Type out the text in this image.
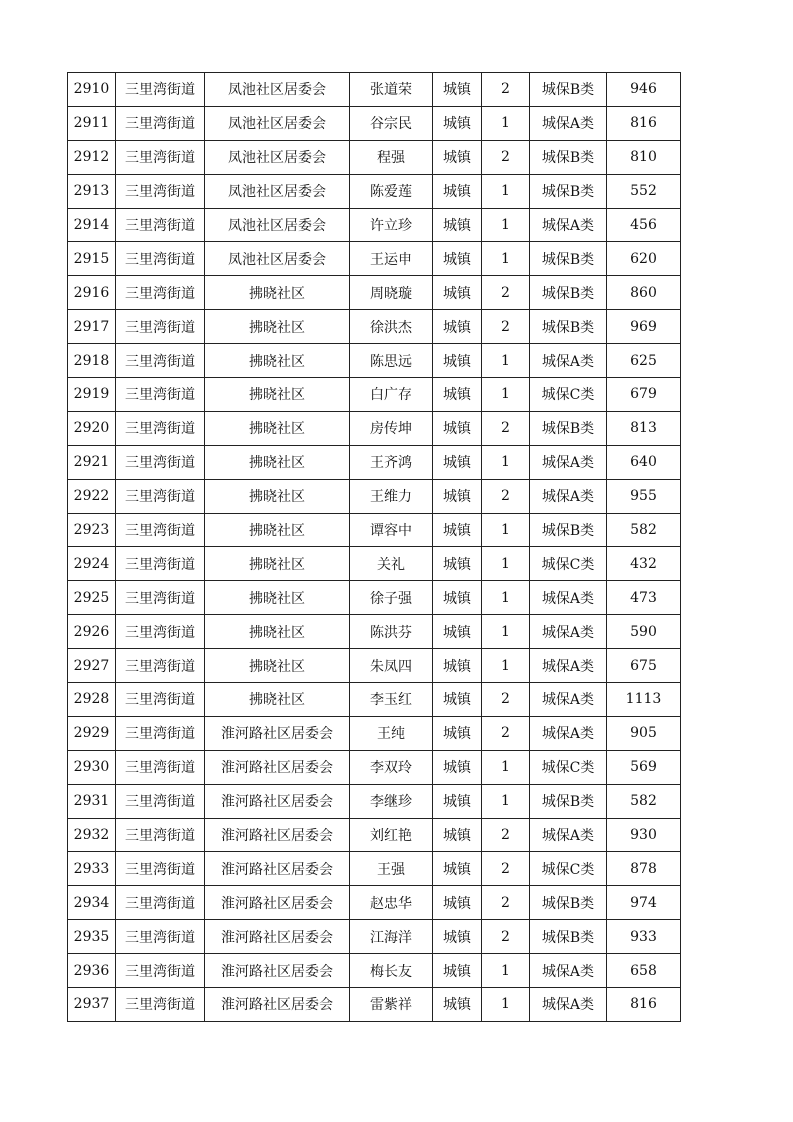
2910	三里湾街道	凤池社区居委会	张道荣	城镇	2	城保B类	946
2911	三里湾街道	凤池社区居委会	谷宗民	城镇	1	城保A类	816
2912	三里湾街道	凤池社区居委会	程强	城镇	2	城保B类	810
2913	三里湾街道	凤池社区居委会	陈爱莲	城镇	1	城保B类	552
2914	三里湾街道	凤池社区居委会	许立珍	城镇	1	城保A类	456
2915	三里湾街道	凤池社区居委会	王运申	城镇	1	城保B类	620
2916	三里湾街道	拂晓社区	周晓璇	城镇	2	城保B类	860
2917	三里湾街道	拂晓社区	徐洪杰	城镇	2	城保B类	969
2918	三里湾街道	拂晓社区	陈思远	城镇	1	城保A类	625
2919	三里湾街道	拂晓社区	白广存	城镇	1	城保C类	679
2920	三里湾街道	拂晓社区	房传坤	城镇	2	城保B类	813
2921	三里湾街道	拂晓社区	王齐鸿	城镇	1	城保A类	640
2922	三里湾街道	拂晓社区	王维力	城镇	2	城保A类	955
2923	三里湾街道	拂晓社区	谭容中	城镇	1	城保B类	582
2924	三里湾街道	拂晓社区	关礼	城镇	1	城保C类	432
2925	三里湾街道	拂晓社区	徐子强	城镇	1	城保A类	473
2926	三里湾街道	拂晓社区	陈洪芬	城镇	1	城保A类	590
2927	三里湾街道	拂晓社区	朱凤四	城镇	1	城保A类	675
2928	三里湾街道	拂晓社区	李玉红	城镇	2	城保A类	1113
2929	三里湾街道	淮河路社区居委会	王纯	城镇	2	城保A类	905
2930	三里湾街道	淮河路社区居委会	李双玲	城镇	1	城保C类	569
2931	三里湾街道	淮河路社区居委会	李继珍	城镇	1	城保B类	582
2932	三里湾街道	淮河路社区居委会	刘红艳	城镇	2	城保A类	930
2933	三里湾街道	淮河路社区居委会	王强	城镇	2	城保C类	878
2934	三里湾街道	淮河路社区居委会	赵忠华	城镇	2	城保B类	974
2935	三里湾街道	淮河路社区居委会	江海洋	城镇	2	城保B类	933
2936	三里湾街道	淮河路社区居委会	梅长友	城镇	1	城保A类	658
2937	三里湾街道	淮河路社区居委会	雷紫祥	城镇	1	城保A类	816
